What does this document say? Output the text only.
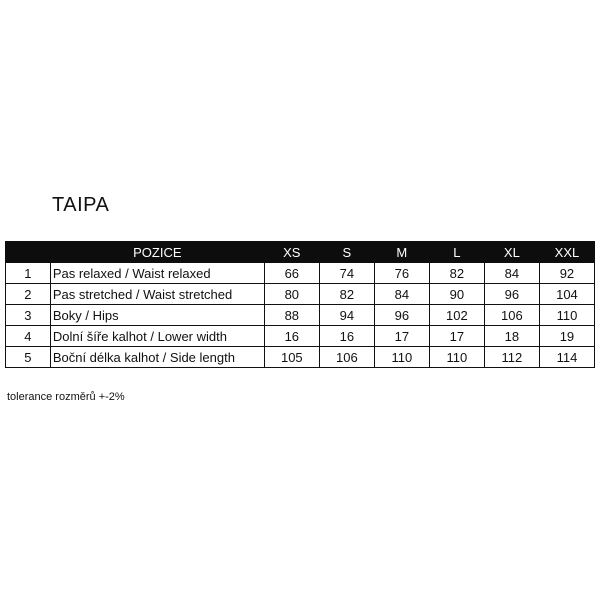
TAIPA
	POZICE	XS	S	M	L	XL	XXL
1	Pas relaxed / Waist relaxed	66	74	76	82	84	92
2	Pas stretched / Waist stretched	80	82	84	90	96	104
3	Boky / Hips	88	94	96	102	106	110
4	Dolní šíře kalhot / Lower width	16	16	17	17	18	19
5	Boční délka kalhot / Side length	105	106	110	110	112	114
tolerance rozměrů +-2%
